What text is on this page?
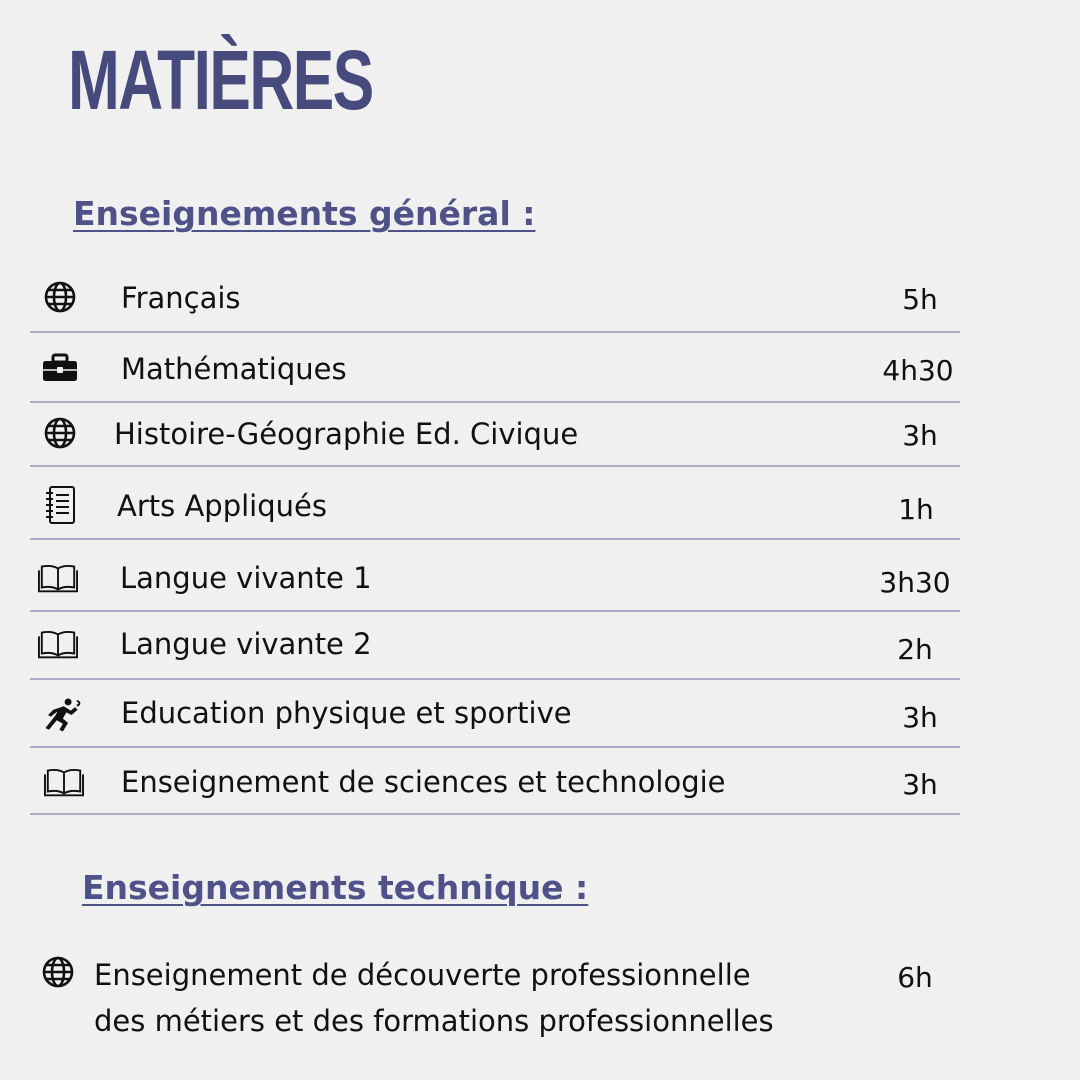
MATIÈRES
Enseignements général :
Français	5h
Mathématiques	4h30
Histoire-Géographie Ed. Civique	3h
Arts Appliqués	1h
Langue vivante 1	3h30
Langue vivante 2	2h
Education physique et sportive	3h
Enseignement de sciences et technologie	3h
Enseignements technique :
Enseignement de découverte professionnelle
des métiers et des formations professionnelles
6h
